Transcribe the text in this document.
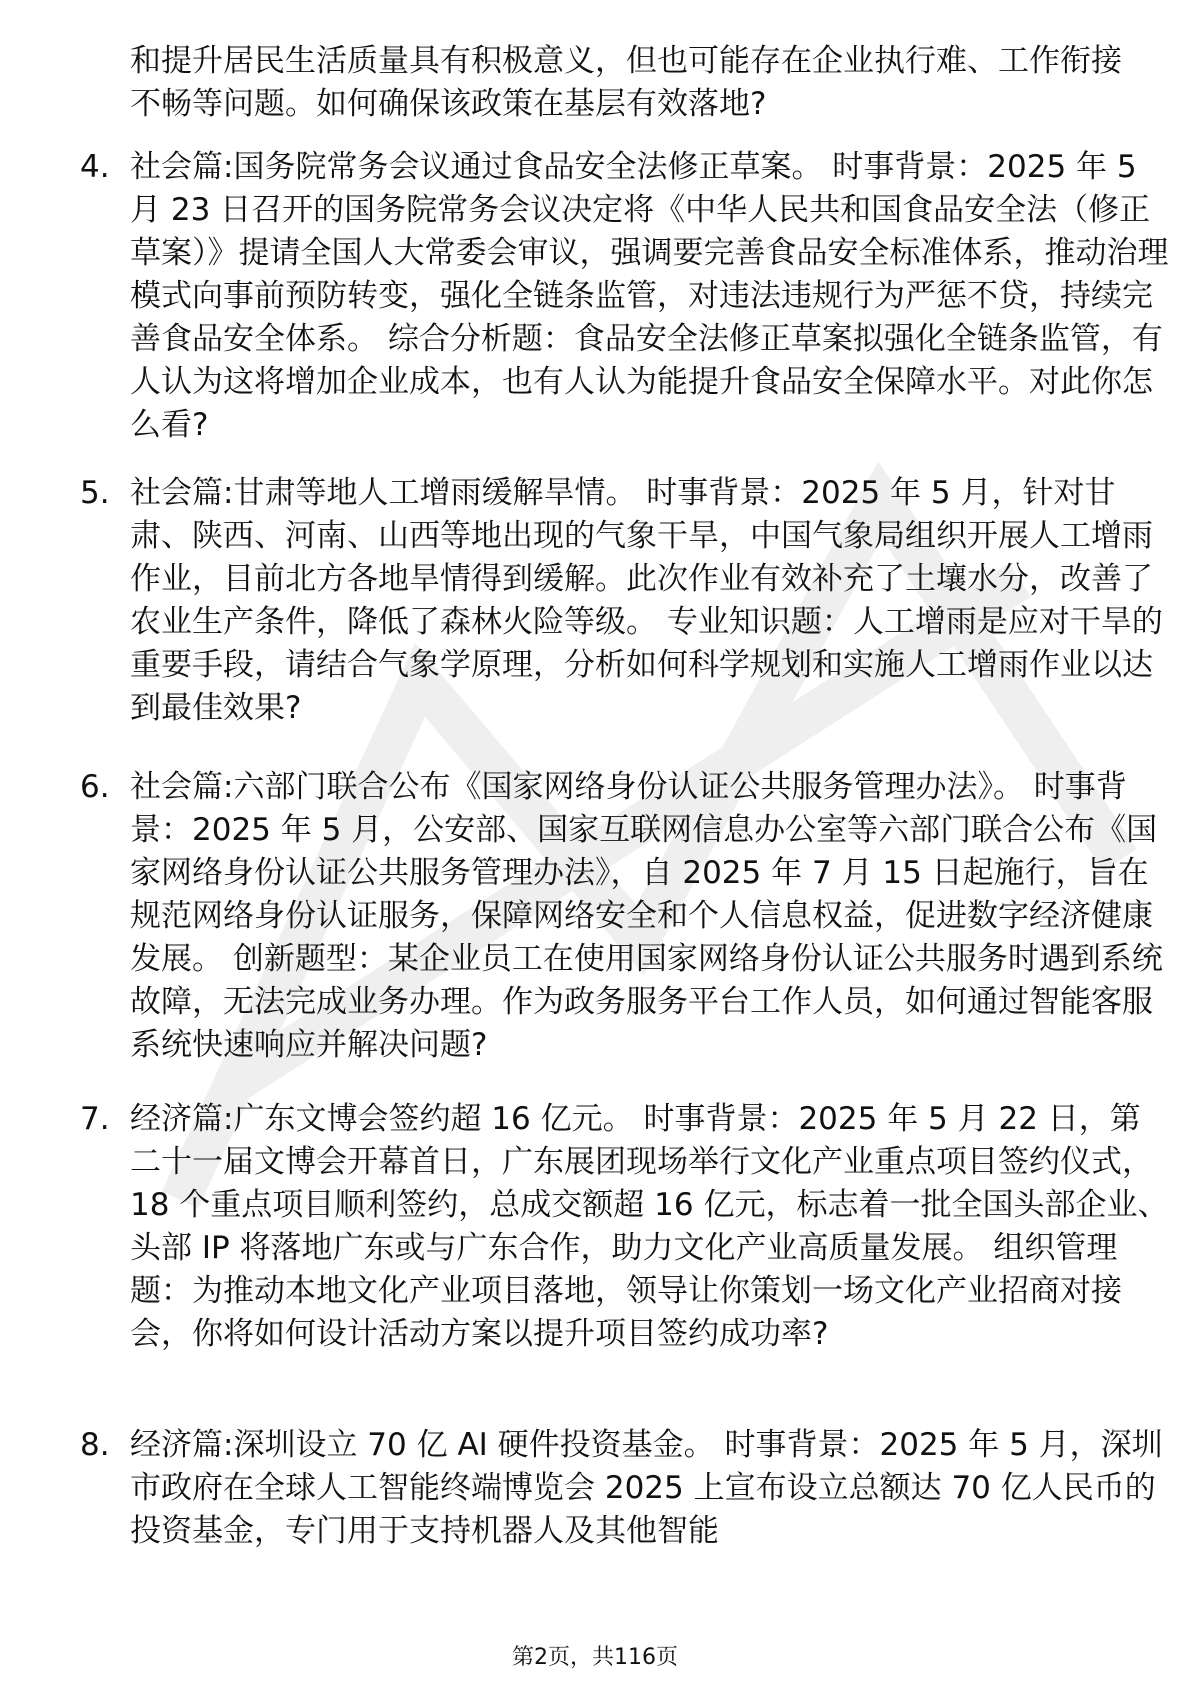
和提升居民生活质量具有积极意义，但也可能存在企业执行难、工作衔接不畅等问题。如何确保该政策在基层有效落地?

4. 社会篇:国务院常务会议通过食品安全法修正草案。 时事背景：2025 年 5 月 23 日召开的国务院常务会议决定将《中华人民共和国食品安全法（修正草案）》提请全国人大常委会审议，强调要完善食品安全标准体系，推动治理模式向事前预防转变，强化全链条监管，对违法违规行为严惩不贷，持续完善食品安全体系。 综合分析题：食品安全法修正草案拟强化全链条监管，有人认为这将增加企业成本，也有人认为能提升食品安全保障水平。对此你怎么看?
5. 社会篇:甘肃等地人工增雨缓解旱情。 时事背景：2025 年 5 月，针对甘肃、陕西、河南、山西等地出现的气象干旱，中国气象局组织开展人工增雨作业，目前北方各地旱情得到缓解。此次作业有效补充了土壤水分，改善了农业生产条件，降低了森林火险等级。 专业知识题：人工增雨是应对干旱的重要手段，请结合气象学原理，分析如何科学规划和实施人工增雨作业以达到最佳效果?
6. 社会篇:六部门联合公布《国家网络身份认证公共服务管理办法》。 时事背景：2025 年 5 月，公安部、国家互联网信息办公室等六部门联合公布《国家网络身份认证公共服务管理办法》，自 2025 年 7 月 15 日起施行，旨在规范网络身份认证服务，保障网络安全和个人信息权益，促进数字经济健康发展。 创新题型：某企业员工在使用国家网络身份认证公共服务时遇到系统故障，无法完成业务办理。作为政务服务平台工作人员，如何通过智能客服系统快速响应并解决问题?
7. 经济篇:广东文博会签约超 16 亿元。 时事背景：2025 年 5 月 22 日，第二十一届文博会开幕首日，广东展团现场举行文化产业重点项目签约仪式，18 个重点项目顺利签约，总成交额超 16 亿元，标志着一批全国头部企业、头部 IP 将落地广东或与广东合作，助力文化产业高质量发展。 组织管理题：为推动本地文化产业项目落地，领导让你策划一场文化产业招商对接会，你将如何设计活动方案以提升项目签约成功率?
8. 经济篇:深圳设立 70 亿 AI 硬件投资基金。 时事背景：2025 年 5 月，深圳市政府在全球人工智能终端博览会 2025 上宣布设立总额达 70 亿人民币的投资基金，专门用于支持机器人及其他智能
第2页，共116页
